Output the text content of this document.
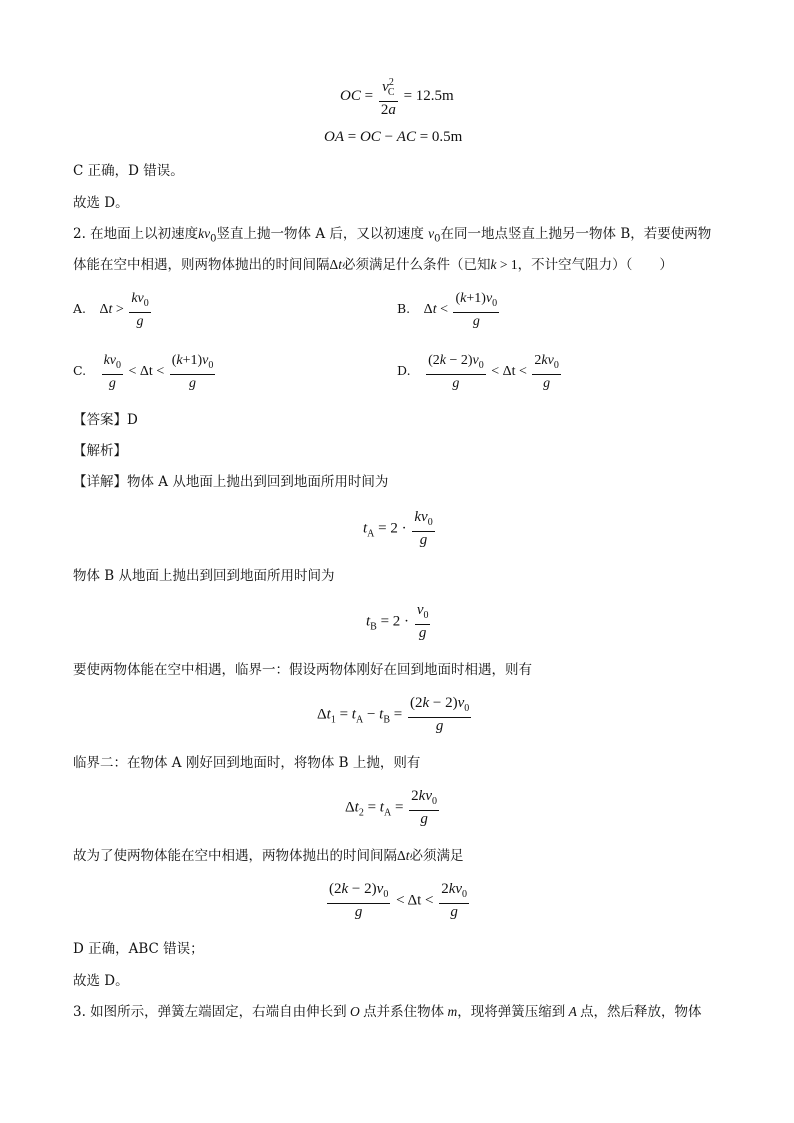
OC = $\frac{v^2_C}{2a} = 12.5m$
OA = OC − AC = 0.5m
C 正确，D 错误。
故选 D。
2. 在地面上以初速度$kv_0$竖直上抛一物体 A 后，又以初速度 $v_0$在同一地点竖直上抛另一物体 B，若要使两物
体能在空中相遇，则两物体抛出的时间间隔Δt必须满足什么条件（已知k > 1，不计空气阻力）（　　）
A. $\Delta t > \frac{kv_0}{g}$	B. $\Delta t < \frac{(k+1)v_0}{g}$
C. $\frac{kv_0}{g} < \Delta t < \frac{(k+1)v_0}{g}$	D. $\frac{(2k - 2)v_0}{g} < \Delta t < \frac{2kv_0}{g}$
【答案】D
【解析】
【详解】物体 A 从地面上抛出到回到地面所用时间为
$t_A = 2 \cdot \frac{kv_0}{g}$
物体 B 从地面上抛出到回到地面所用时间为
$t_B = 2 \cdot \frac{v_0}{g}$
要使两物体能在空中相遇，临界一：假设两物体刚好在回到地面时相遇，则有
$\Delta t_1 = t_A - t_B = \frac{(2k - 2)v_0}{g}$
临界二：在物体 A 刚好回到地面时，将物体 B 上抛，则有
$\Delta t_2 = t_A = \frac{2kv_0}{g}$
故为了使两物体能在空中相遇，两物体抛出的时间间隔Δt必须满足
$\frac{(2k - 2)v_0}{g} < \Delta t < \frac{2kv_0}{g}$
D 正确，ABC 错误；
故选 D。
3. 如图所示，弹簧左端固定，右端自由伸长到 O 点并系住物体 m，现将弹簧压缩到 A 点，然后释放，物体
